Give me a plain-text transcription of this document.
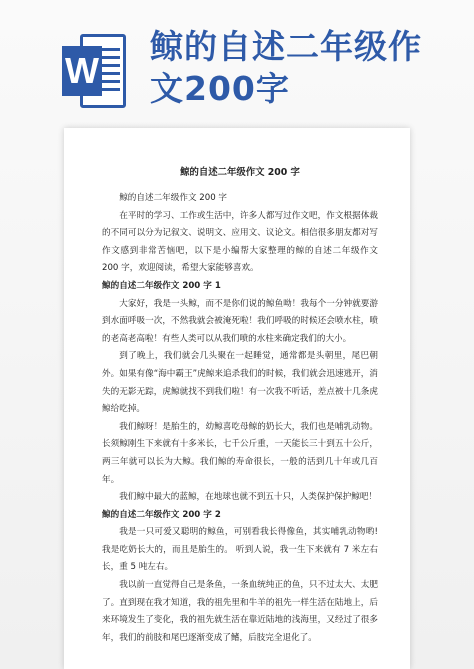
W
鲸的自述二年级作
文200字
鲸的自述二年级作文 200 字

鲸的自述二年级作文 200 字

在平时的学习、工作或生活中，许多人都写过作文吧，作文根据体裁的不同可以分为记叙文、说明文、应用文、议论文。相信很多朋友都对写作文感到非常苦恼吧，以下是小编帮大家整理的鲸的自述二年级作文 200 字，欢迎阅读，希望大家能够喜欢。

鲸的自述二年级作文 200 字 1

大家好，我是一头鲸，而不是你们说的鲸鱼呦！我每个一分钟就要游到水面呼吸一次，不然我就会被淹死啦！我们呼吸的时候还会喷水柱，喷的老高老高啦！有些人类可以从我们喷的水柱来确定我们的大小。

到了晚上，我们就会几头聚在一起睡觉，通常都是头朝里，尾巴朝外。如果有像“海中霸王”虎鲸来追杀我们的时候，我们就会迅速逃开，消失的无影无踪，虎鲸就找不到我们啦！有一次我不听话，差点被十几条虎鲸给吃掉。

我们鲸呀！是胎生的，幼鲸喜吃母鲸的奶长大，我们也是哺乳动物。长须鲸刚生下来就有十多米长，七千公斤重，一天能长三十到五十公斤，两三年就可以长为大鲸。我们鲸的寿命很长，一般的活到几十年或几百年。

我们鲸中最大的蓝鲸，在地球也就不到五十只，人类保护保护鲸吧！

鲸的自述二年级作文 200 字 2

我是一只可爱又聪明的鲸鱼，可别看我长得像鱼，其实哺乳动物哟!我是吃奶长大的，而且是胎生的。 听到人说，我一生下来就有 7 米左右长，重 5 吨左右。

我以前一直觉得自己是条鱼，一条血统纯正的鱼，只不过太大、太肥了。直到现在我才知道，我的祖先里和牛羊的祖先一样生活在陆地上，后来环境发生了变化，我的祖先就生活在靠近陆地的浅海里，又经过了很多年，我们的前肢和尾巴逐渐变成了鳍，后肢完全退化了。
